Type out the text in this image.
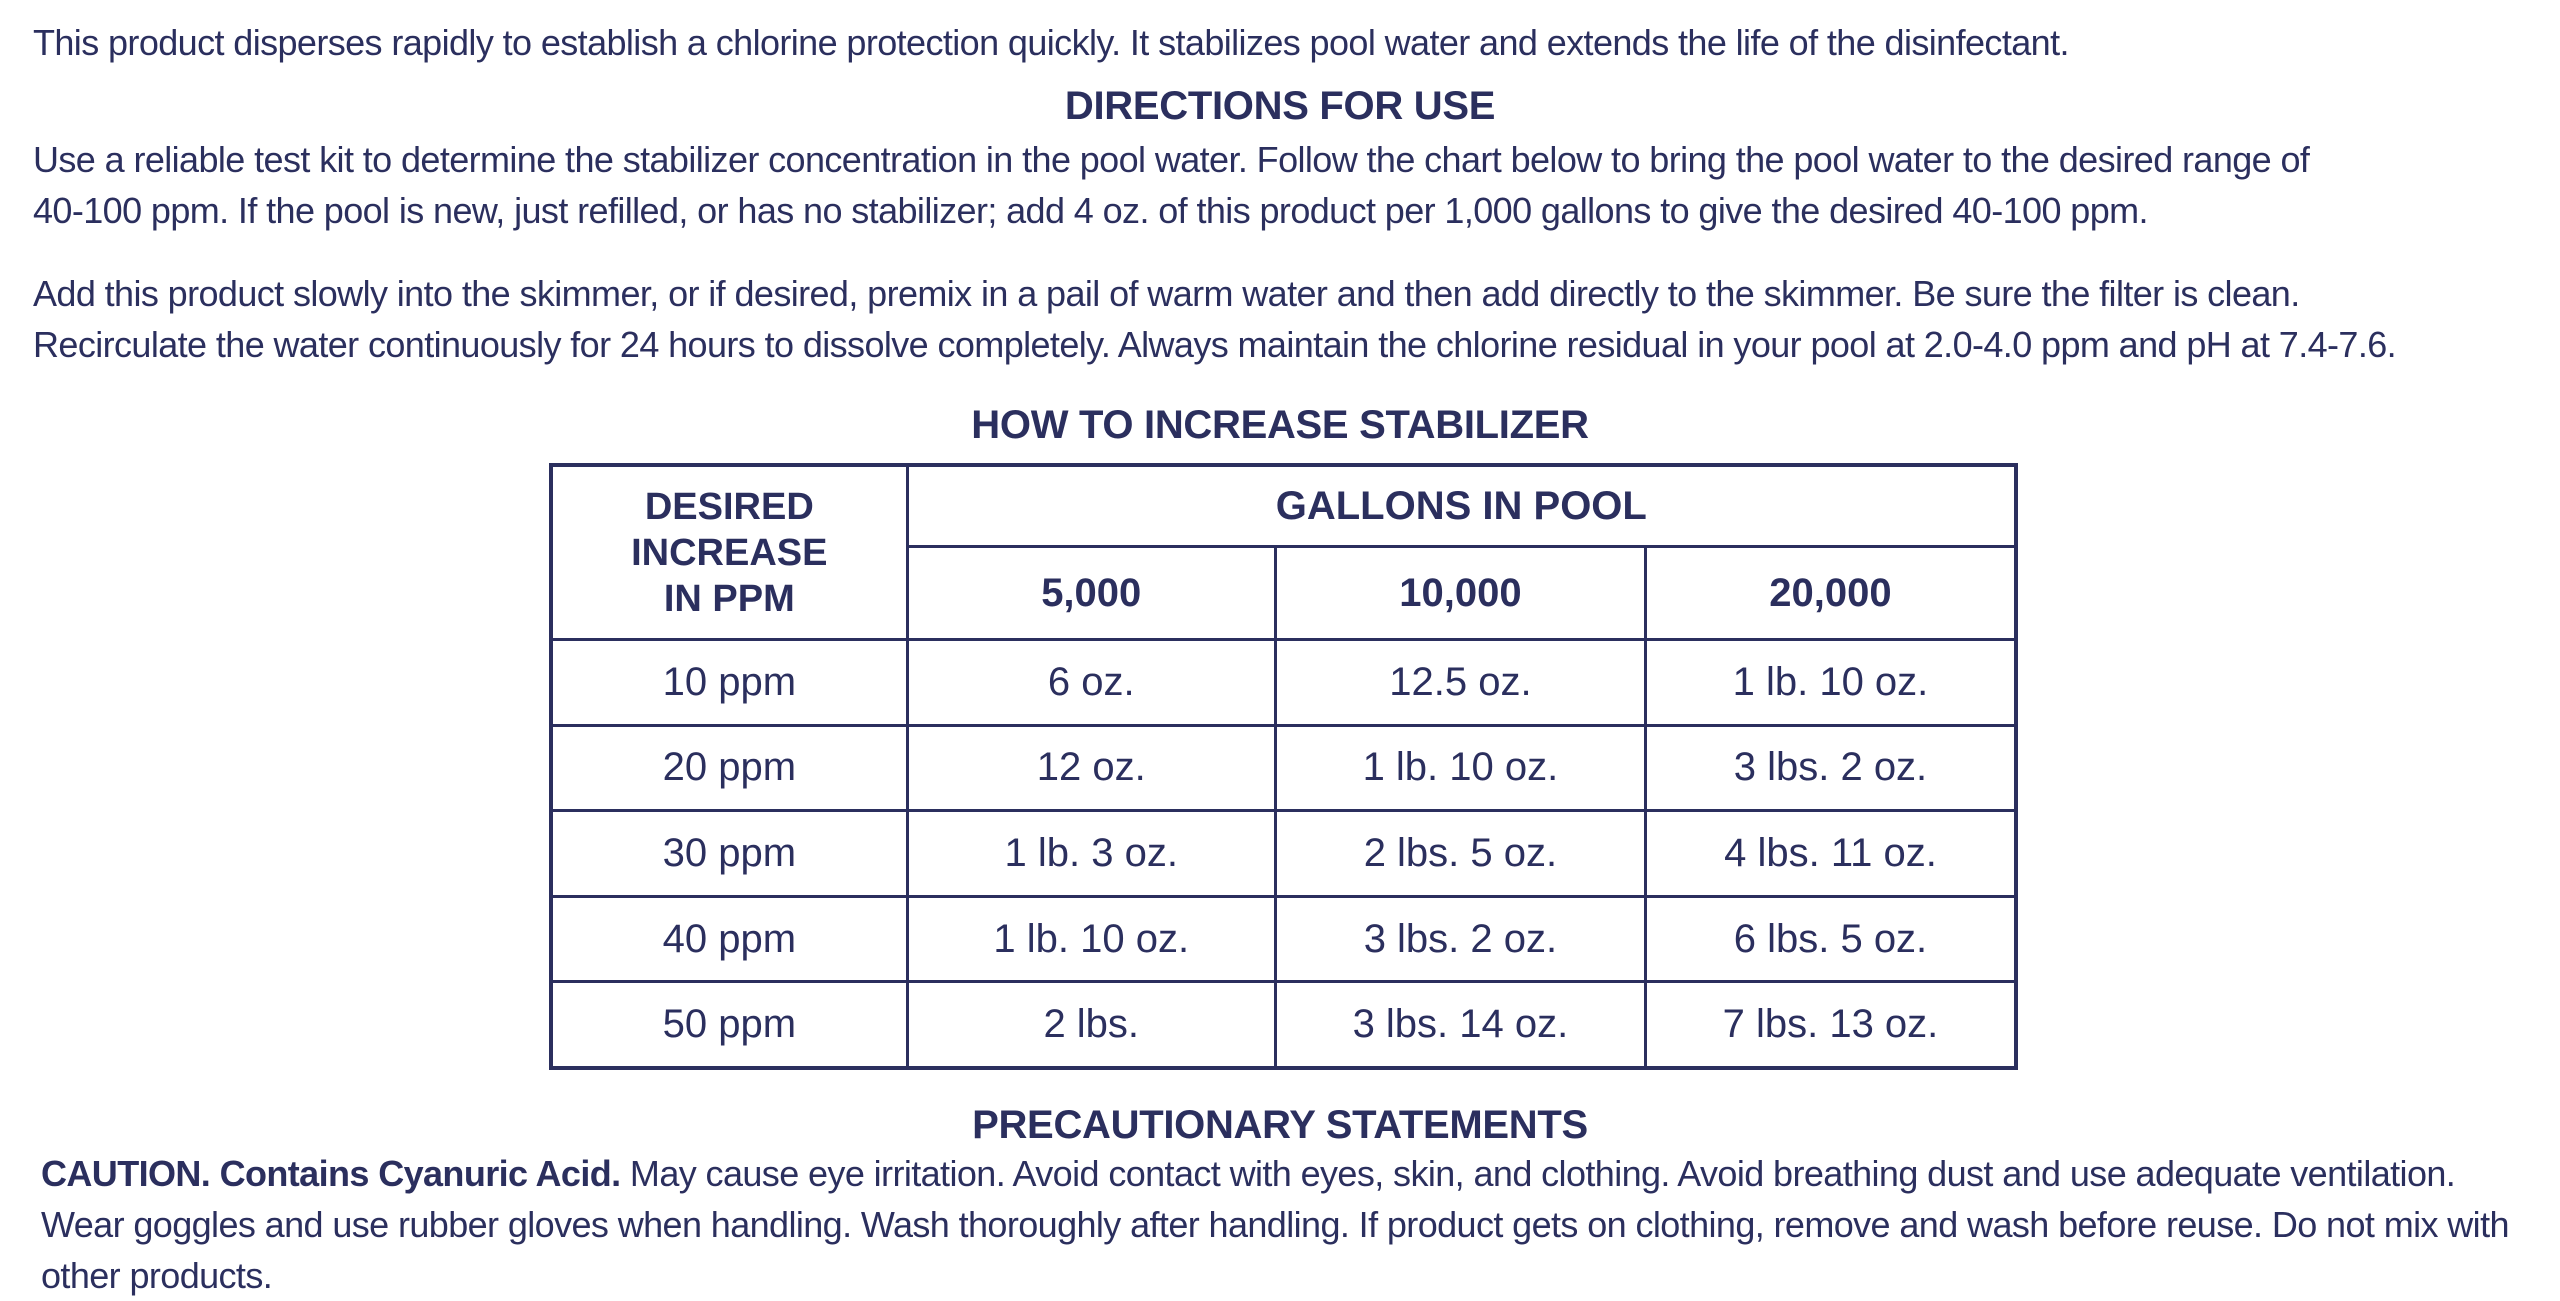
This product disperses rapidly to establish a chlorine protection quickly. It stabilizes pool water and extends the life of the disinfectant.

DIRECTIONS FOR USE

Use a reliable test kit to determine the stabilizer concentration in the pool water. Follow the chart below to bring the pool water to the desired range of
40-100 ppm. If the pool is new, just refilled, or has no stabilizer; add 4 oz. of this product per 1,000 gallons to give the desired 40-100 ppm.

Add this product slowly into the skimmer, or if desired, premix in a pail of warm water and then add directly to the skimmer. Be sure the filter is clean.
Recirculate the water continuously for 24 hours to dissolve completely. Always maintain the chlorine residual in your pool at 2.0-4.0 ppm and pH at 7.4-7.6.

HOW TO INCREASE STABILIZER
DESIRED
INCREASE
IN PPM	GALLONS IN POOL		
	5,000	10,000	20,000
10 ppm	6 oz.	12.5 oz.	1 lb. 10 oz.
20 ppm	12 oz.	1 lb. 10 oz.	3 lbs. 2 oz.
30 ppm	1 lb. 3 oz.	2 lbs. 5 oz.	4 lbs. 11 oz.
40 ppm	1 lb. 10 oz.	3 lbs. 2 oz.	6 lbs. 5 oz.
50 ppm	2 lbs.	3 lbs. 14 oz.	7 lbs. 13 oz.
PRECAUTIONARY STATEMENTS

CAUTION. Contains Cyanuric Acid. May cause eye irritation. Avoid contact with eyes, skin, and clothing. Avoid breathing dust and use adequate ventilation. Wear goggles and use rubber gloves when handling. Wash thoroughly after handling. If product gets on clothing, remove and wash before reuse. Do not mix with other products.
